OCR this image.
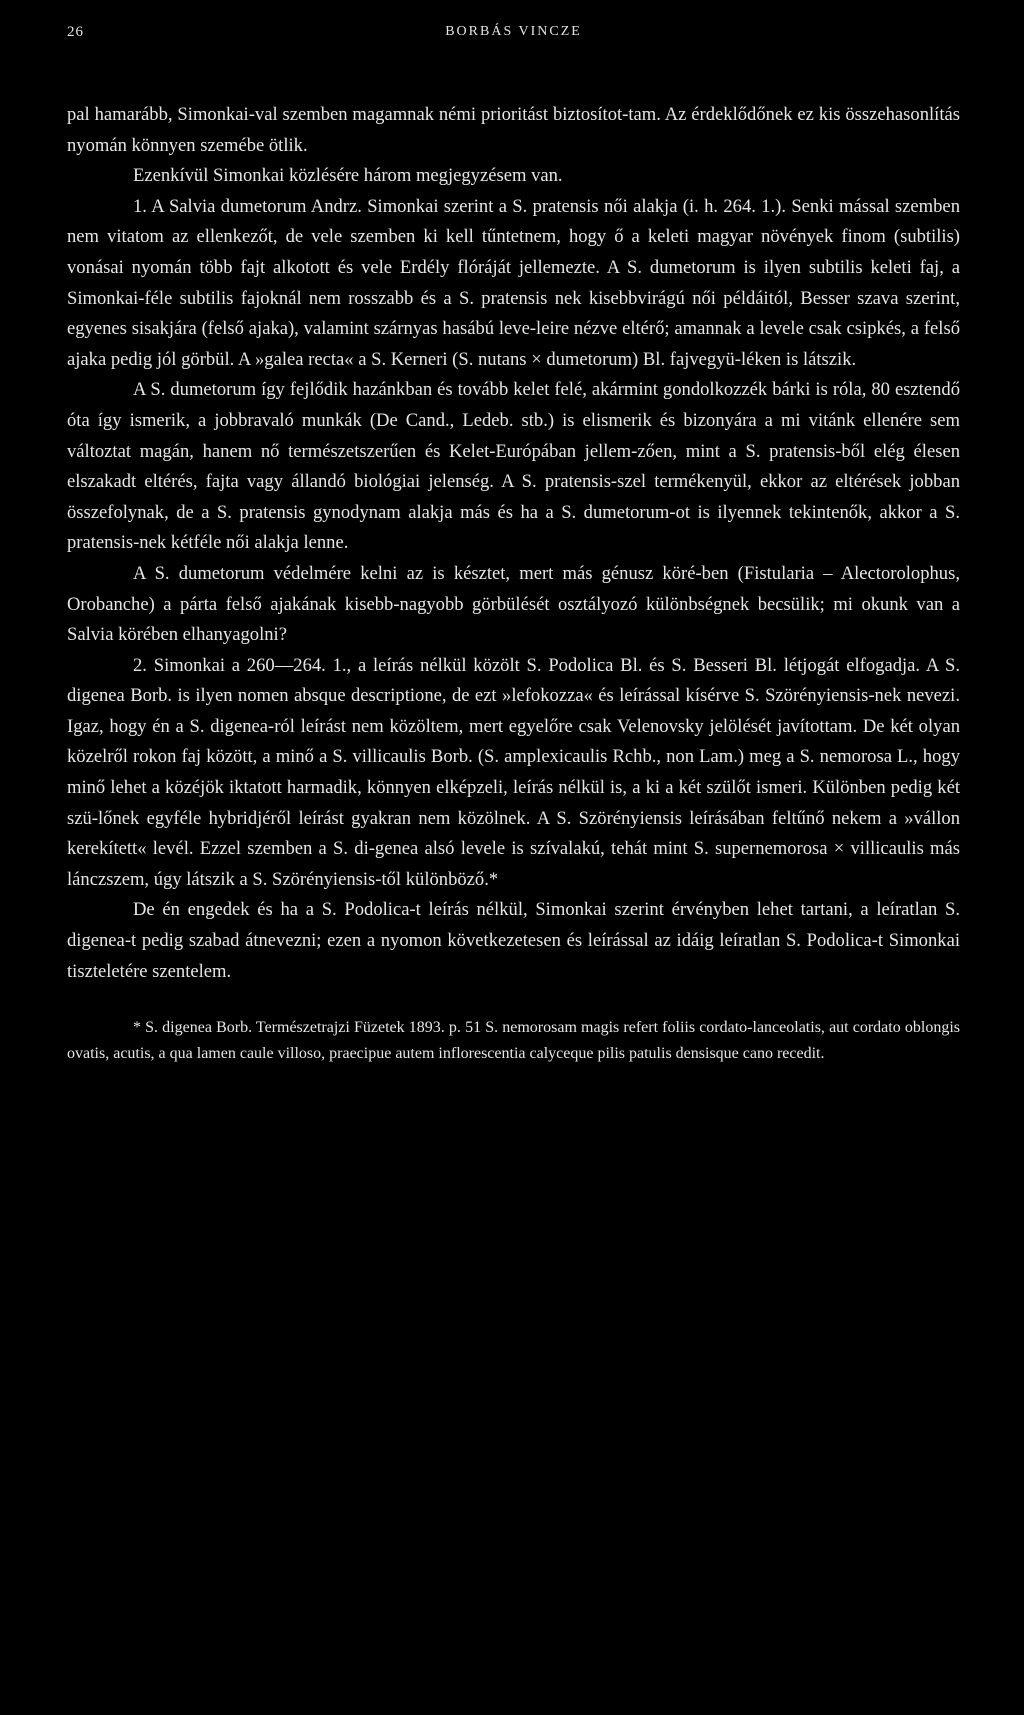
26	BORBÁS VINCZE

pal hamarább, Simonkai-val szemben magamnak némi prioritást biztosítot-tam. Az érdeklődőnek ez kis összehasonlítás nyomán könnyen szemébe ötlik.

Ezenkívül Simonkai közlésére három megjegyzésem van.

1. A Salvia dumetorum Andrz. Simonkai szerint a S. pratensis női alakja (i. h. 264. 1.). Senki mással szemben nem vitatom az ellenkezőt, de vele szemben ki kell tűntetnem, hogy ő a keleti magyar növények finom (subtilis) vonásai nyomán több fajt alkotott és vele Erdély flóráját jellemezte. A S. dumetorum is ilyen subtilis keleti faj, a Simonkai-féle subtilis fajoknál nem rosszabb és a S. pratensis nek kisebbvirágú női példáitól, Besser szava szerint, egyenes sisakjára (felső ajaka), valamint szárnyas hasábú leve-leire nézve eltérő; amannak a levele csak csipkés, a felső ajaka pedig jól görbül. A »galea recta« a S. Kerneri (S. nutans × dumetorum) Bl. fajvegyü-léken is látszik.

A S. dumetorum így fejlődik hazánkban és tovább kelet felé, akármint gondolkozzék bárki is róla, 80 esztendő óta így ismerik, a jobbravaló munkák (De Cand., Ledeb. stb.) is elismerik és bizonyára a mi vitánk ellenére sem változtat magán, hanem nő természetszerűen és Kelet-Európában jellem-zően, mint a S. pratensis-ből elég élesen elszakadt eltérés, fajta vagy állandó biológiai jelenség. A S. pratensis-szel termékenyül, ekkor az eltérések jobban összefolynak, de a S. pratensis gynodynam alakja más és ha a S. dumetorum-ot is ilyennek tekintenők, akkor a S. pratensis-nek kétféle női alakja lenne.

A S. dumetorum védelmére kelni az is késztet, mert más génusz köré-ben (Fistularia – Alectorolophus, Orobanche) a párta felső ajakának kisebb-nagyobb görbülését osztályozó különbségnek becsülik; mi okunk van a Salvia körében elhanyagolni?

2. Simonkai a 260—264. 1., a leírás nélkül közölt S. Podolica Bl. és S. Besseri Bl. létjogát elfogadja. A S. digenea Borb. is ilyen nomen absque descriptione, de ezt »lefokozza« és leírással kísérve S. Szörényiensis-nek nevezi. Igaz, hogy én a S. digenea-ról leírást nem közöltem, mert egyelőre csak Velenovsky jelölését javítottam. De két olyan közelről rokon faj között, a minő a S. villicaulis Borb. (S. amplexicaulis Rchb., non Lam.) meg a S. nemorosa L., hogy minő lehet a közéjök iktatott harmadik, könnyen elképzeli, leírás nélkül is, a ki a két szülőt ismeri. Különben pedig két szü-lőnek egyféle hybridjéről leírást gyakran nem közölnek. A S. Szörényiensis leírásában feltűnő nekem a »vállon kerekített« levél. Ezzel szemben a S. di-genea alsó levele is szívalakú, tehát mint S. supernemorosa × villicaulis más lánczszem, úgy látszik a S. Szörényiensis-től különböző.*

De én engedek és ha a S. Podolica-t leírás nélkül, Simonkai szerint érvényben lehet tartani, a leíratlan S. digenea-t pedig szabad átnevezni; ezen a nyomon következetesen és leírással az idáig leíratlan S. Podolica-t Simonkai tiszteletére szentelem.

* S. digenea Borb. Természetrajzi Füzetek 1893. p. 51 S. nemorosam magis refert foliis cordato-lanceolatis, aut cordato oblongis ovatis, acutis, a qua lamen caule villoso, praecipue autem inflorescentia calyceque pilis patulis densisque cano recedit.
